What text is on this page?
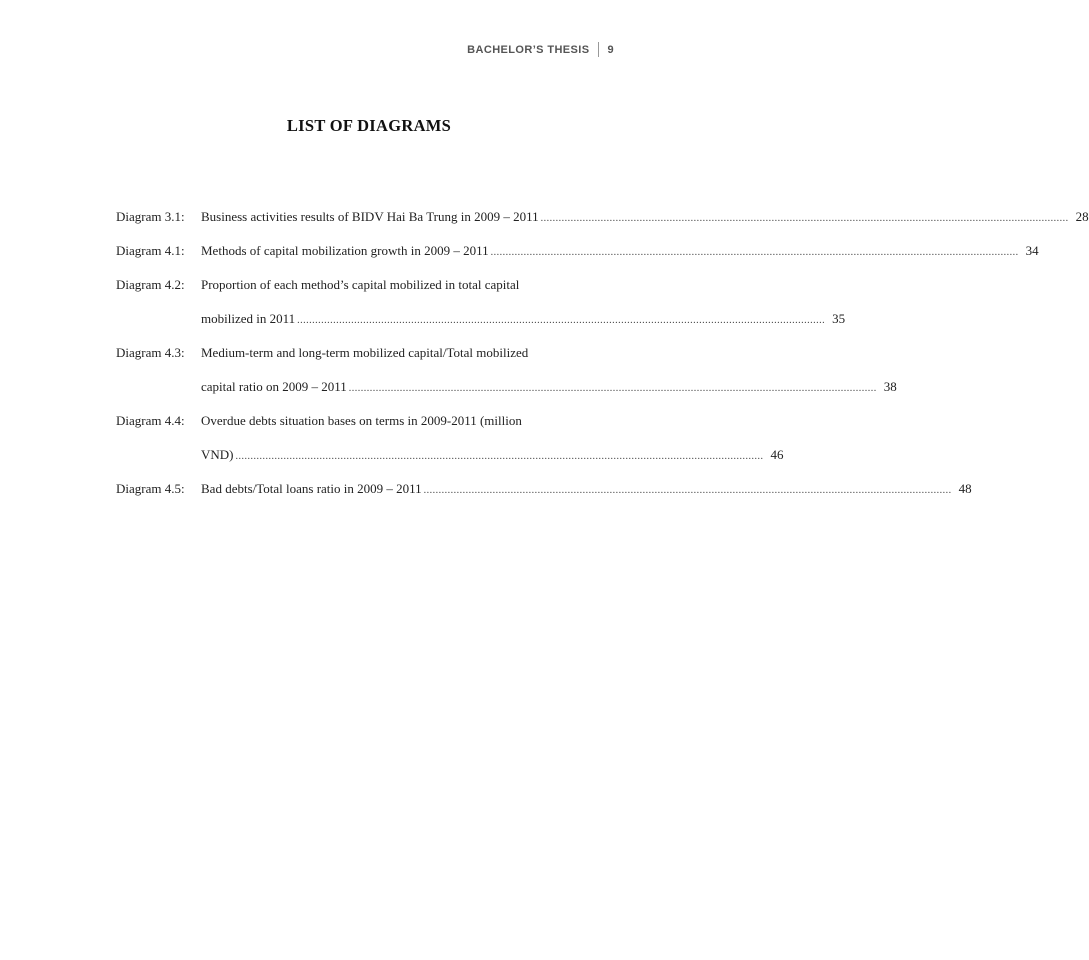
BACHELOR’S THESIS 9
LIST OF DIAGRAMS
Diagram 3.1:	Business activities results of BIDV Hai Ba Trung in 2009 – 2011 .....	28
Diagram 4.1:	Methods of capital mobilization growth in 2009 – 2011 .....	34
Diagram 4.2:	Proportion of each method’s capital mobilized in total capital
mobilized in 2011 .....	35
Diagram 4.3:	Medium-term and long-term mobilized capital/Total mobilized
capital ratio on 2009 – 2011 .....	38
Diagram 4.4:	Overdue debts situation bases on terms in 2009-2011 (million
VND) .....	46
Diagram 4.5:	Bad debts/Total loans ratio in 2009 – 2011 .....	48
